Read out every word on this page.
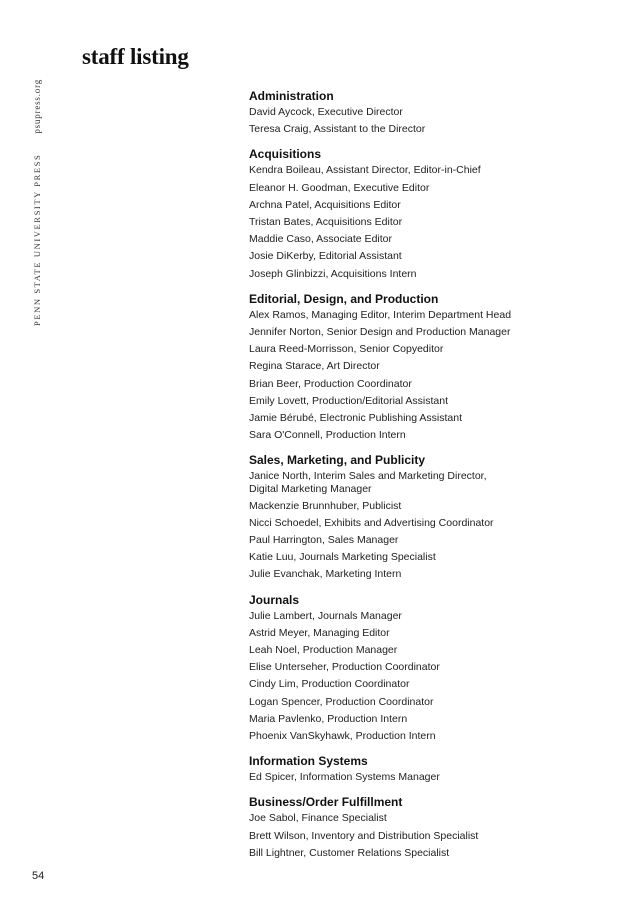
PENN STATE UNIVERSITY PRESS
psupress.org
staff listing
Administration
David Aycock, Executive Director
Teresa Craig, Assistant to the Director
Acquisitions
Kendra Boileau, Assistant Director, Editor-in-Chief
Eleanor H. Goodman, Executive Editor
Archna Patel, Acquisitions Editor
Tristan Bates, Acquisitions Editor
Maddie Caso, Associate Editor
Josie DiKerby, Editorial Assistant
Joseph Glinbizzi, Acquisitions Intern
Editorial, Design, and Production
Alex Ramos, Managing Editor, Interim Department Head
Jennifer Norton, Senior Design and Production Manager
Laura Reed-Morrisson, Senior Copyeditor
Regina Starace, Art Director
Brian Beer, Production Coordinator
Emily Lovett, Production/Editorial Assistant
Jamie Bérubé, Electronic Publishing Assistant
Sara O'Connell, Production Intern
Sales, Marketing, and Publicity
Janice North, Interim Sales and Marketing Director, Digital Marketing Manager
Mackenzie Brunnhuber, Publicist
Nicci Schoedel, Exhibits and Advertising Coordinator
Paul Harrington, Sales Manager
Katie Luu, Journals Marketing Specialist
Julie Evanchak, Marketing Intern
Journals
Julie Lambert, Journals Manager
Astrid Meyer, Managing Editor
Leah Noel, Production Manager
Elise Unterseher, Production Coordinator
Cindy Lim, Production Coordinator
Logan Spencer, Production Coordinator
Maria Pavlenko, Production Intern
Phoenix VanSkyhawk, Production Intern
Information Systems
Ed Spicer, Information Systems Manager
Business/Order Fulfillment
Joe Sabol, Finance Specialist
Brett Wilson, Inventory and Distribution Specialist
Bill Lightner, Customer Relations Specialist
54
